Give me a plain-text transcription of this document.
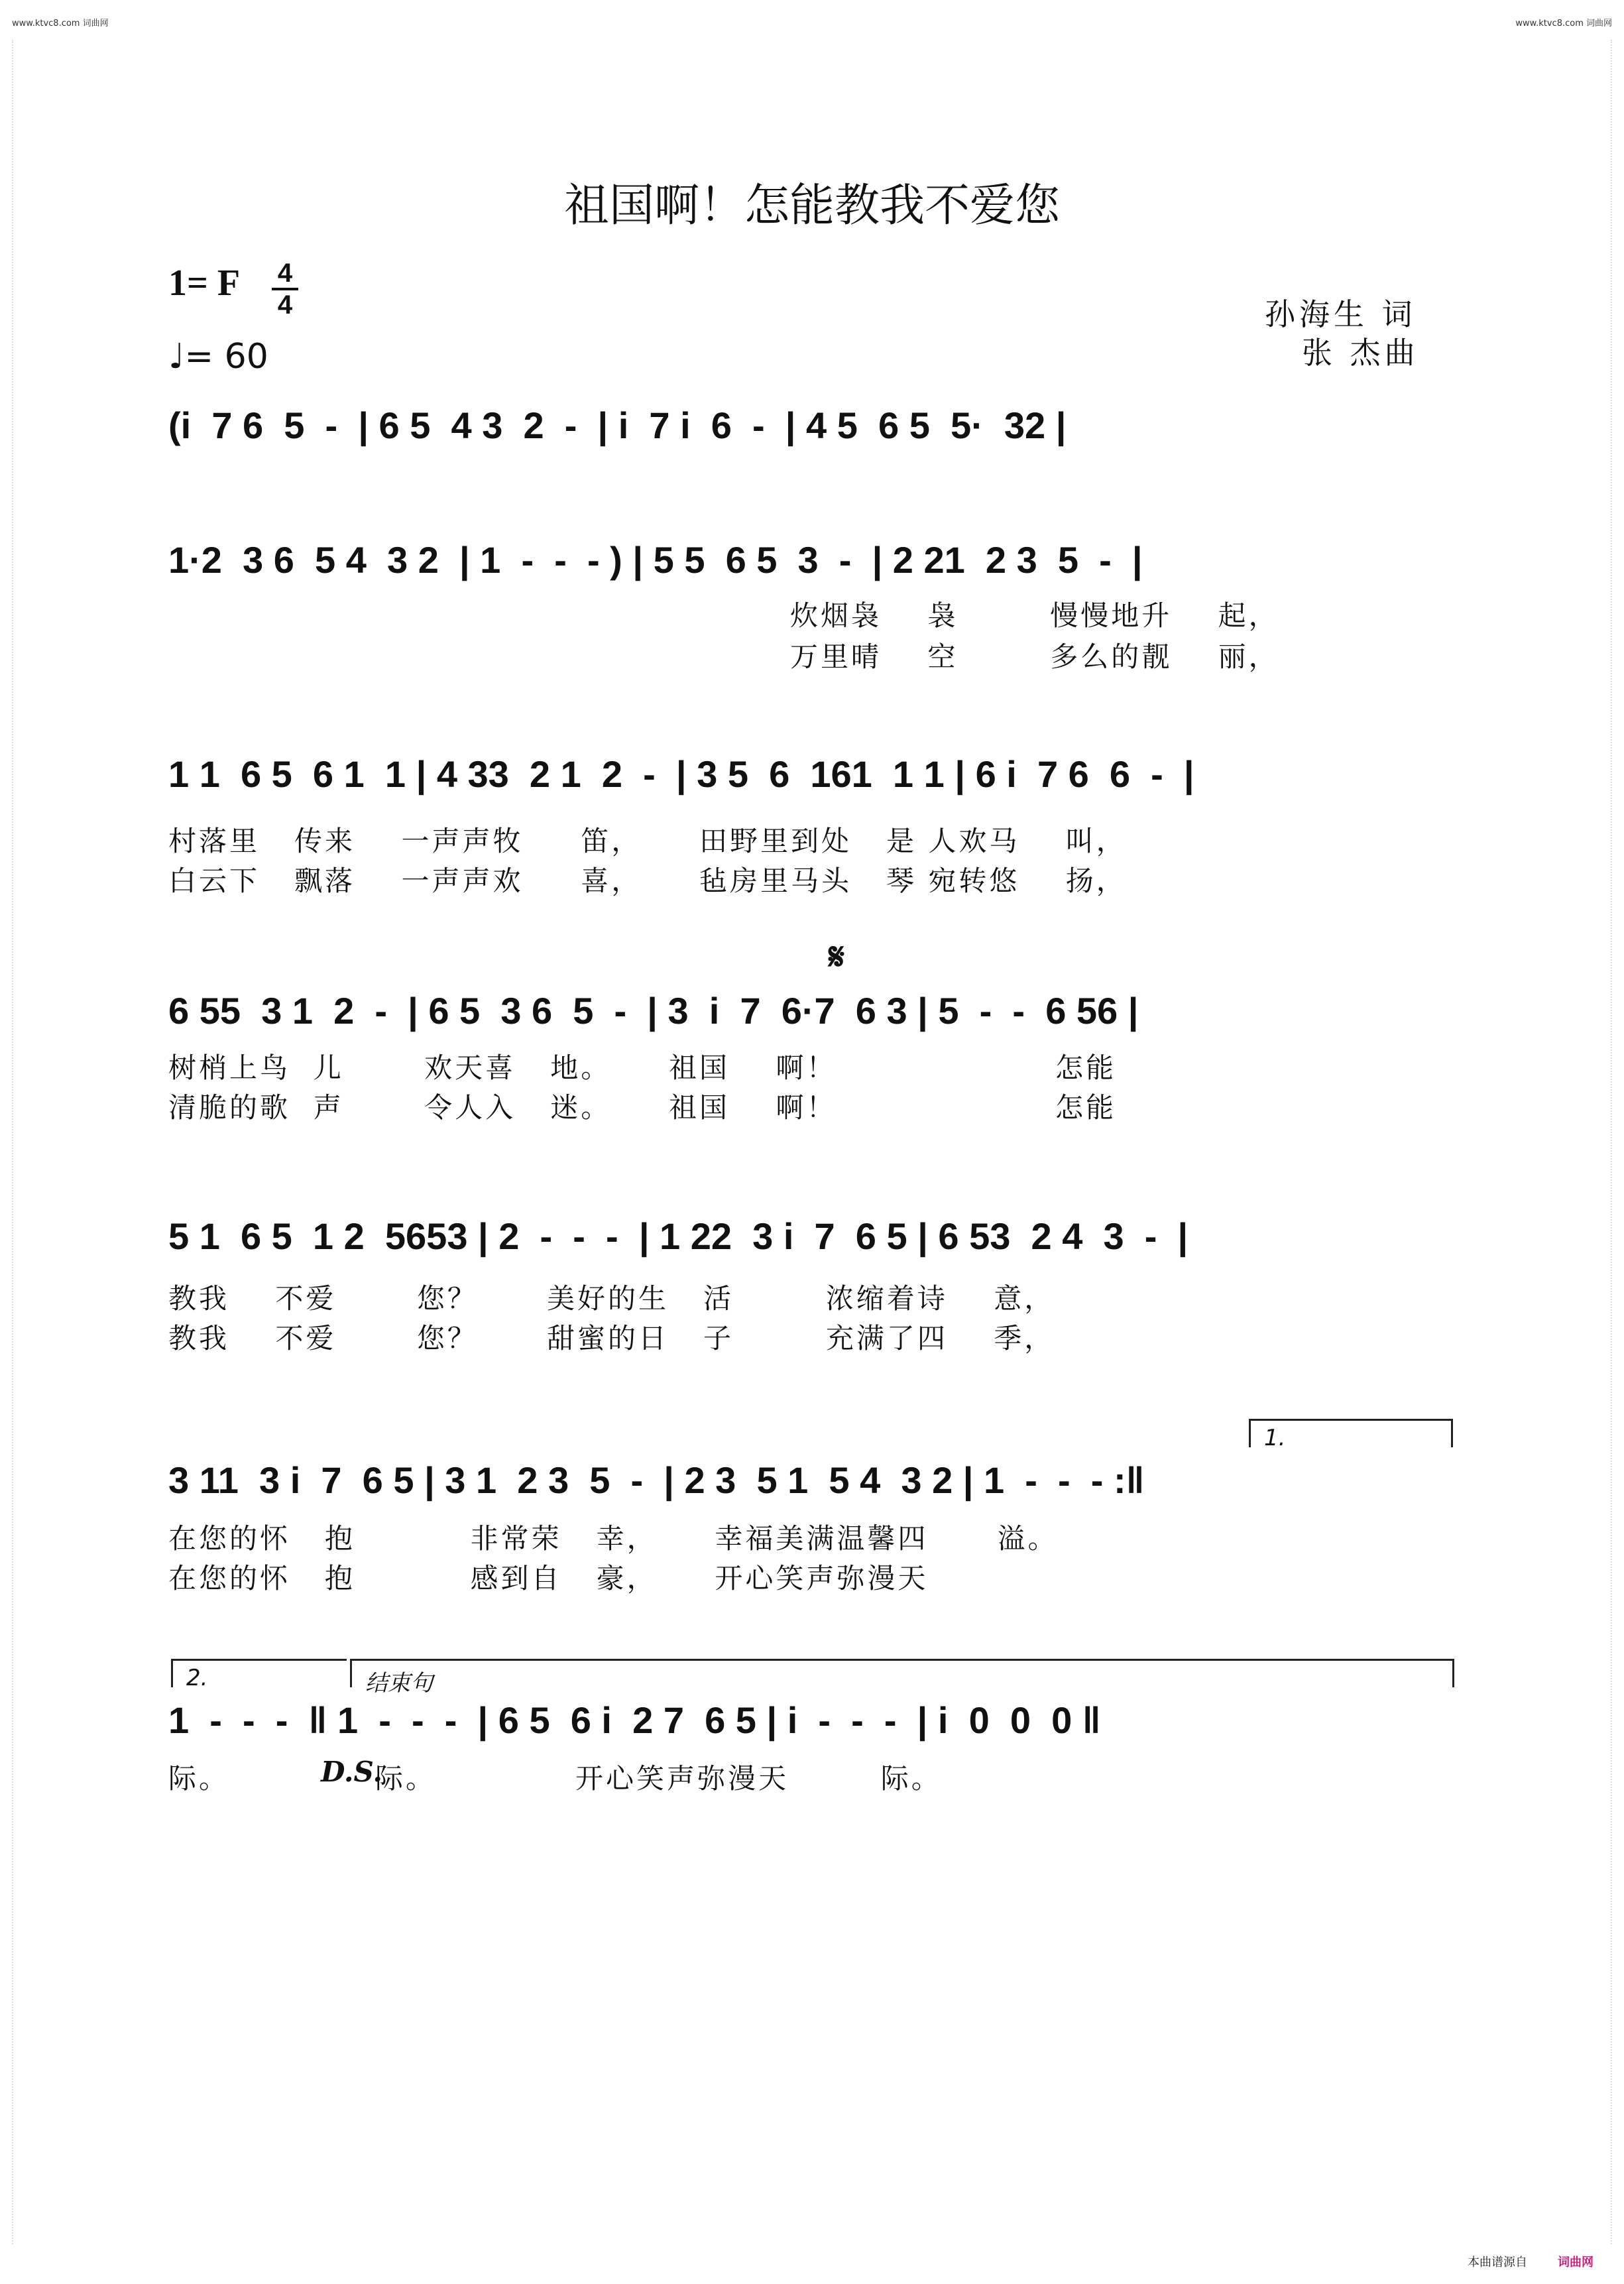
www.ktvc8.com 词曲网	www.ktvc8.com 词曲网
祖国啊！怎能教我不爱您
1= F 4
4
♩= 60
孙海生 词
张 杰曲
(i  7 6  5  -  | 6 5  4 3  2  -  | i  7 i  6  -  | 4 5  6 5  5·  32 |
1·2  3 6  5 4  3 2  | 1  -  -  - ) | 5 5  6 5  3  -  | 2 21  2 3  5  -  |
炊烟袅    袅        慢慢地升    起，
万里晴    空        多么的靓    丽，
1 1  6 5  6 1  1 | 4 33  2 1  2  -  | 3 5  6  161  1 1 | 6 i  7 6  6  -  |
村落里   传来    一声声牧     笛，     田野里到处   是 人欢马    叫，
白云下   飘落    一声声欢     喜，     毡房里马头   琴 宛转悠    扬，
𝄋
6 55  3 1  2  -  | 6 5  3 6  5  -  | 3  i  7  6·7  6 3 | 5  -  -  6 56 |
树梢上鸟  儿       欢天喜   地。     祖国    啊！                   怎能
清脆的歌  声       令人入   迷。     祖国    啊！                   怎能
5 1  6 5  1 2  5653 | 2  -  -  -  | 1 22  3 i  7  6 5 | 6 53  2 4  3  -  |
教我    不爱       您？      美好的生   活        浓缩着诗    意，
教我    不爱       您？      甜蜜的日   子        充满了四    季，
1.
3 11  3 i  7  6 5 | 3 1  2 3  5  -  | 2 3  5 1  5 4  3 2 | 1  -  -  - :‖
在您的怀   抱          非常荣   幸，     幸福美满温馨四      溢。
在您的怀   抱          感到自   豪，     开心笑声弥漫天
2.	结束句
1  -  -  -  ‖ 1  -  -  -  | 6 5  6 i  2 7  6 5 | i  -  -  -  | i  0  0  0 ‖
际。	D.S.
际。	开心笑声弥漫天        际。
本曲谱源自	词曲网
